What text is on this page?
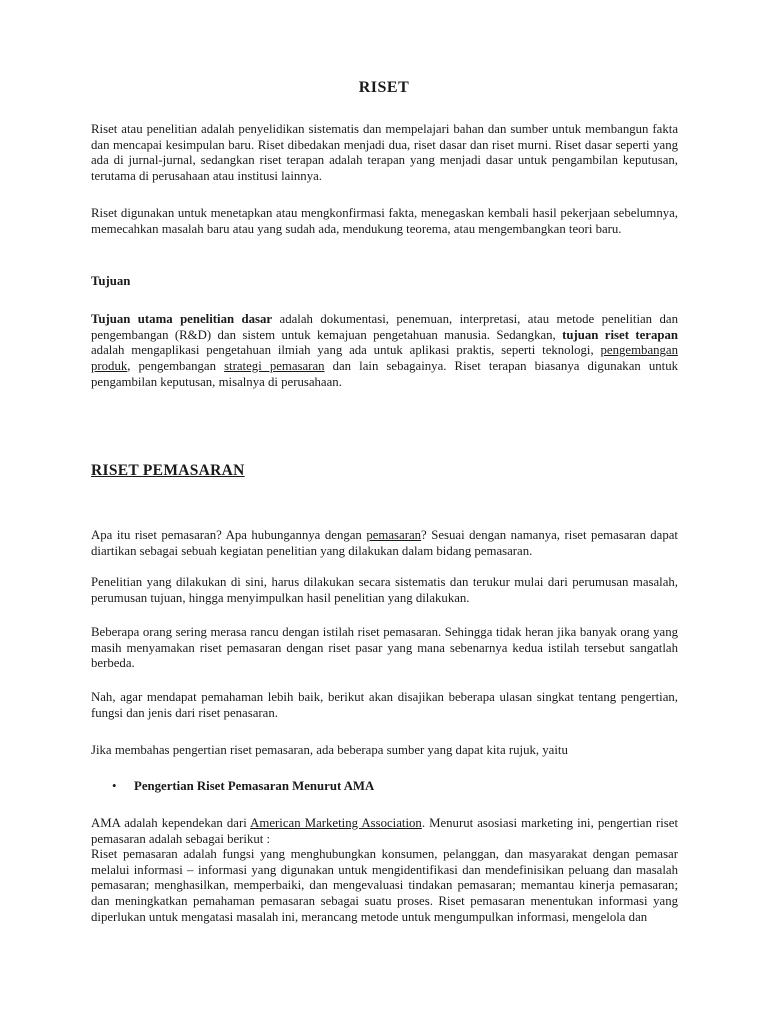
RISET

Riset atau penelitian adalah penyelidikan sistematis dan mempelajari bahan dan sumber untuk membangun fakta dan mencapai kesimpulan baru. Riset dibedakan menjadi dua, riset dasar dan riset murni. Riset dasar seperti yang ada di jurnal-jurnal, sedangkan riset terapan adalah terapan yang menjadi dasar untuk pengambilan keputusan, terutama di perusahaan atau institusi lainnya.

Riset digunakan untuk menetapkan atau mengkonfirmasi fakta, menegaskan kembali hasil pekerjaan sebelumnya, memecahkan masalah baru atau yang sudah ada, mendukung teorema, atau mengembangkan teori baru.

Tujuan

Tujuan utama penelitian dasar adalah dokumentasi, penemuan, interpretasi, atau metode penelitian dan pengembangan (R&D) dan sistem untuk kemajuan pengetahuan manusia. Sedangkan, tujuan riset terapan adalah mengaplikasi pengetahuan ilmiah yang ada untuk aplikasi praktis, seperti teknologi, pengembangan produk, pengembangan strategi pemasaran dan lain sebagainya. Riset terapan biasanya digunakan untuk pengambilan keputusan, misalnya di perusahaan.

RISET PEMASARAN

Apa itu riset pemasaran? Apa hubungannya dengan pemasaran? Sesuai dengan namanya, riset pemasaran dapat diartikan sebagai sebuah kegiatan penelitian yang dilakukan dalam bidang pemasaran.

Penelitian yang dilakukan di sini, harus dilakukan secara sistematis dan terukur mulai dari perumusan masalah, perumusan tujuan, hingga menyimpulkan hasil penelitian yang dilakukan.

Beberapa orang sering merasa rancu dengan istilah riset pemasaran. Sehingga tidak heran jika banyak orang yang masih menyamakan riset pemasaran dengan riset pasar yang mana sebenarnya kedua istilah tersebut sangatlah berbeda.

Nah, agar mendapat pemahaman lebih baik, berikut akan disajikan beberapa ulasan singkat tentang pengertian, fungsi dan jenis dari riset penasaran.

Jika membahas pengertian riset pemasaran, ada beberapa sumber yang dapat kita rujuk, yaitu

• Pengertian Riset Pemasaran Menurut AMA

AMA adalah kependekan dari American Marketing Association. Menurut asosiasi marketing ini, pengertian riset pemasaran adalah sebagai berikut :

Riset pemasaran adalah fungsi yang menghubungkan konsumen, pelanggan, dan masyarakat dengan pemasar melalui informasi – informasi yang digunakan untuk mengidentifikasi dan mendefinisikan peluang dan masalah pemasaran; menghasilkan, memperbaiki, dan mengevaluasi tindakan pemasaran; memantau kinerja pemasaran; dan meningkatkan pemahaman pemasaran sebagai suatu proses. Riset pemasaran menentukan informasi yang diperlukan untuk mengatasi masalah ini, merancang metode untuk mengumpulkan informasi, mengelola dan
